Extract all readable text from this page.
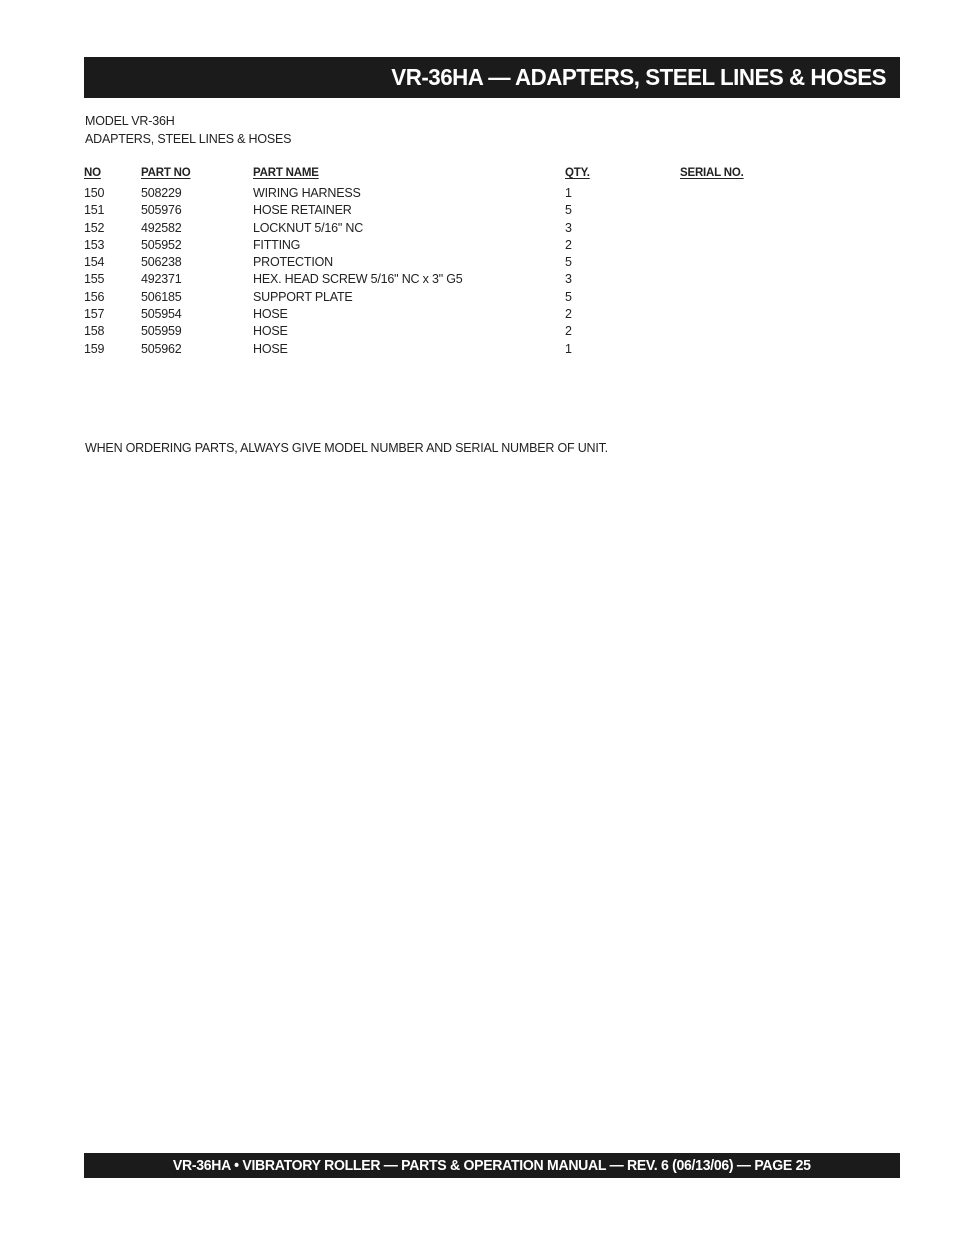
VR-36HA — ADAPTERS, STEEL LINES & HOSES
MODEL VR-36H
ADAPTERS, STEEL LINES & HOSES
NO	PART NO	PART NAME	QTY.	SERIAL NO.
150	508229	WIRING HARNESS	1	
151	505976	HOSE RETAINER	5	
152	492582	LOCKNUT 5/16" NC	3	
153	505952	FITTING	2	
154	506238	PROTECTION	5	
155	492371	HEX. HEAD SCREW 5/16" NC x 3" G5	3	
156	506185	SUPPORT PLATE	5	
157	505954	HOSE	2	
158	505959	HOSE	2	
159	505962	HOSE	1	
WHEN ORDERING PARTS, ALWAYS GIVE MODEL NUMBER AND SERIAL NUMBER OF UNIT.
VR-36HA • VIBRATORY ROLLER — PARTS & OPERATION MANUAL — REV. 6 (06/13/06) — PAGE 25
